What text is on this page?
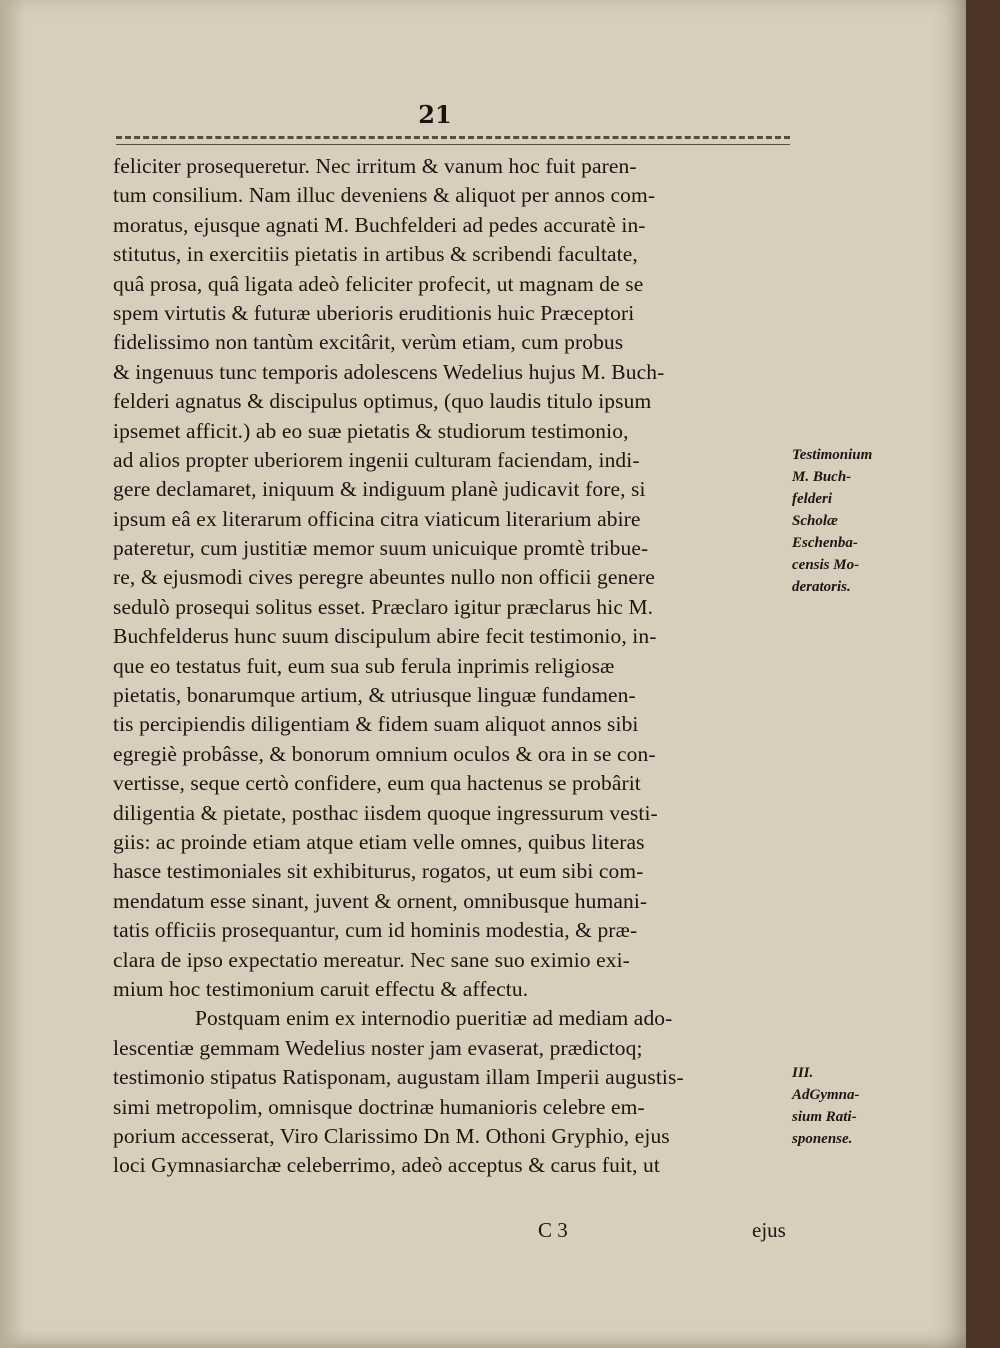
21
feliciter prosequeretur. Nec irritum & vanum hoc fuit paren-
tum consilium. Nam illuc deveniens & aliquot per annos com-
moratus, ejusque agnati M. Buchfelderi ad pedes accuratè in-
stitutus, in exercitiis pietatis in artibus & scribendi facultate,
quâ prosa, quâ ligata adeò feliciter profecit, ut magnam de se
spem virtutis & futuræ uberioris eruditionis huic Præceptori
fidelissimo non tantùm excitârit, verùm etiam, cum probus
& ingenuus tunc temporis adolescens Wedelius hujus M. Buch-
felderi agnatus & discipulus optimus, (quo laudis titulo ipsum
ipsemet afficit.) ab eo suæ pietatis & studiorum testimonio,
ad alios propter uberiorem ingenii culturam faciendam, indi-
gere declamaret, iniquum & indiguum planè judicavit fore, si
ipsum eâ ex literarum officina citra viaticum literarium abire
pateretur, cum justitiæ memor suum unicuique promtè tribue-
re, & ejusmodi cives peregre abeuntes nullo non officii genere
sedulò prosequi solitus esset. Præclaro igitur præclarus hic M.
Buchfelderus hunc suum discipulum abire fecit testimonio, in-
que eo testatus fuit, eum sua sub ferula inprimis religiosæ
pietatis, bonarumque artium, & utriusque linguæ fundamen-
tis percipiendis diligentiam & fidem suam aliquot annos sibi
egregiè probâsse, & bonorum omnium oculos & ora in se con-
vertisse, seque certò confidere, eum qua hactenus se probârit
diligentia & pietate, posthac iisdem quoque ingressurum vesti-
giis: ac proinde etiam atque etiam velle omnes, quibus literas
hasce testimoniales sit exhibiturus, rogatos, ut eum sibi com-
mendatum esse sinant, juvent & ornent, omnibusque humani-
tatis officiis prosequantur, cum id hominis modestia, & præ-
clara de ipso expectatio mereatur. Nec sane suo eximio exi-
mium hoc testimonium caruit effectu & affectu.
Postquam enim ex internodio pueritiæ ad mediam ado-
lescentiæ gemmam Wedelius noster jam evaserat, prædictoq;
testimonio stipatus Ratisponam, augustam illam Imperii augustis-
simi metropolim, omnisque doctrinæ humanioris celebre em-
porium accesserat, Viro Clarissimo Dn M. Othoni Gryphio, ejus
loci Gymnasiarchæ celeberrimo, adeò acceptus & carus fuit, ut
Testimonium
M. Buch-
felderi
Scholæ
Eschenba-
censis Mo-
deratoris.
III.
AdGymna-
sium Rati-
sponense.
C 3	ejus
